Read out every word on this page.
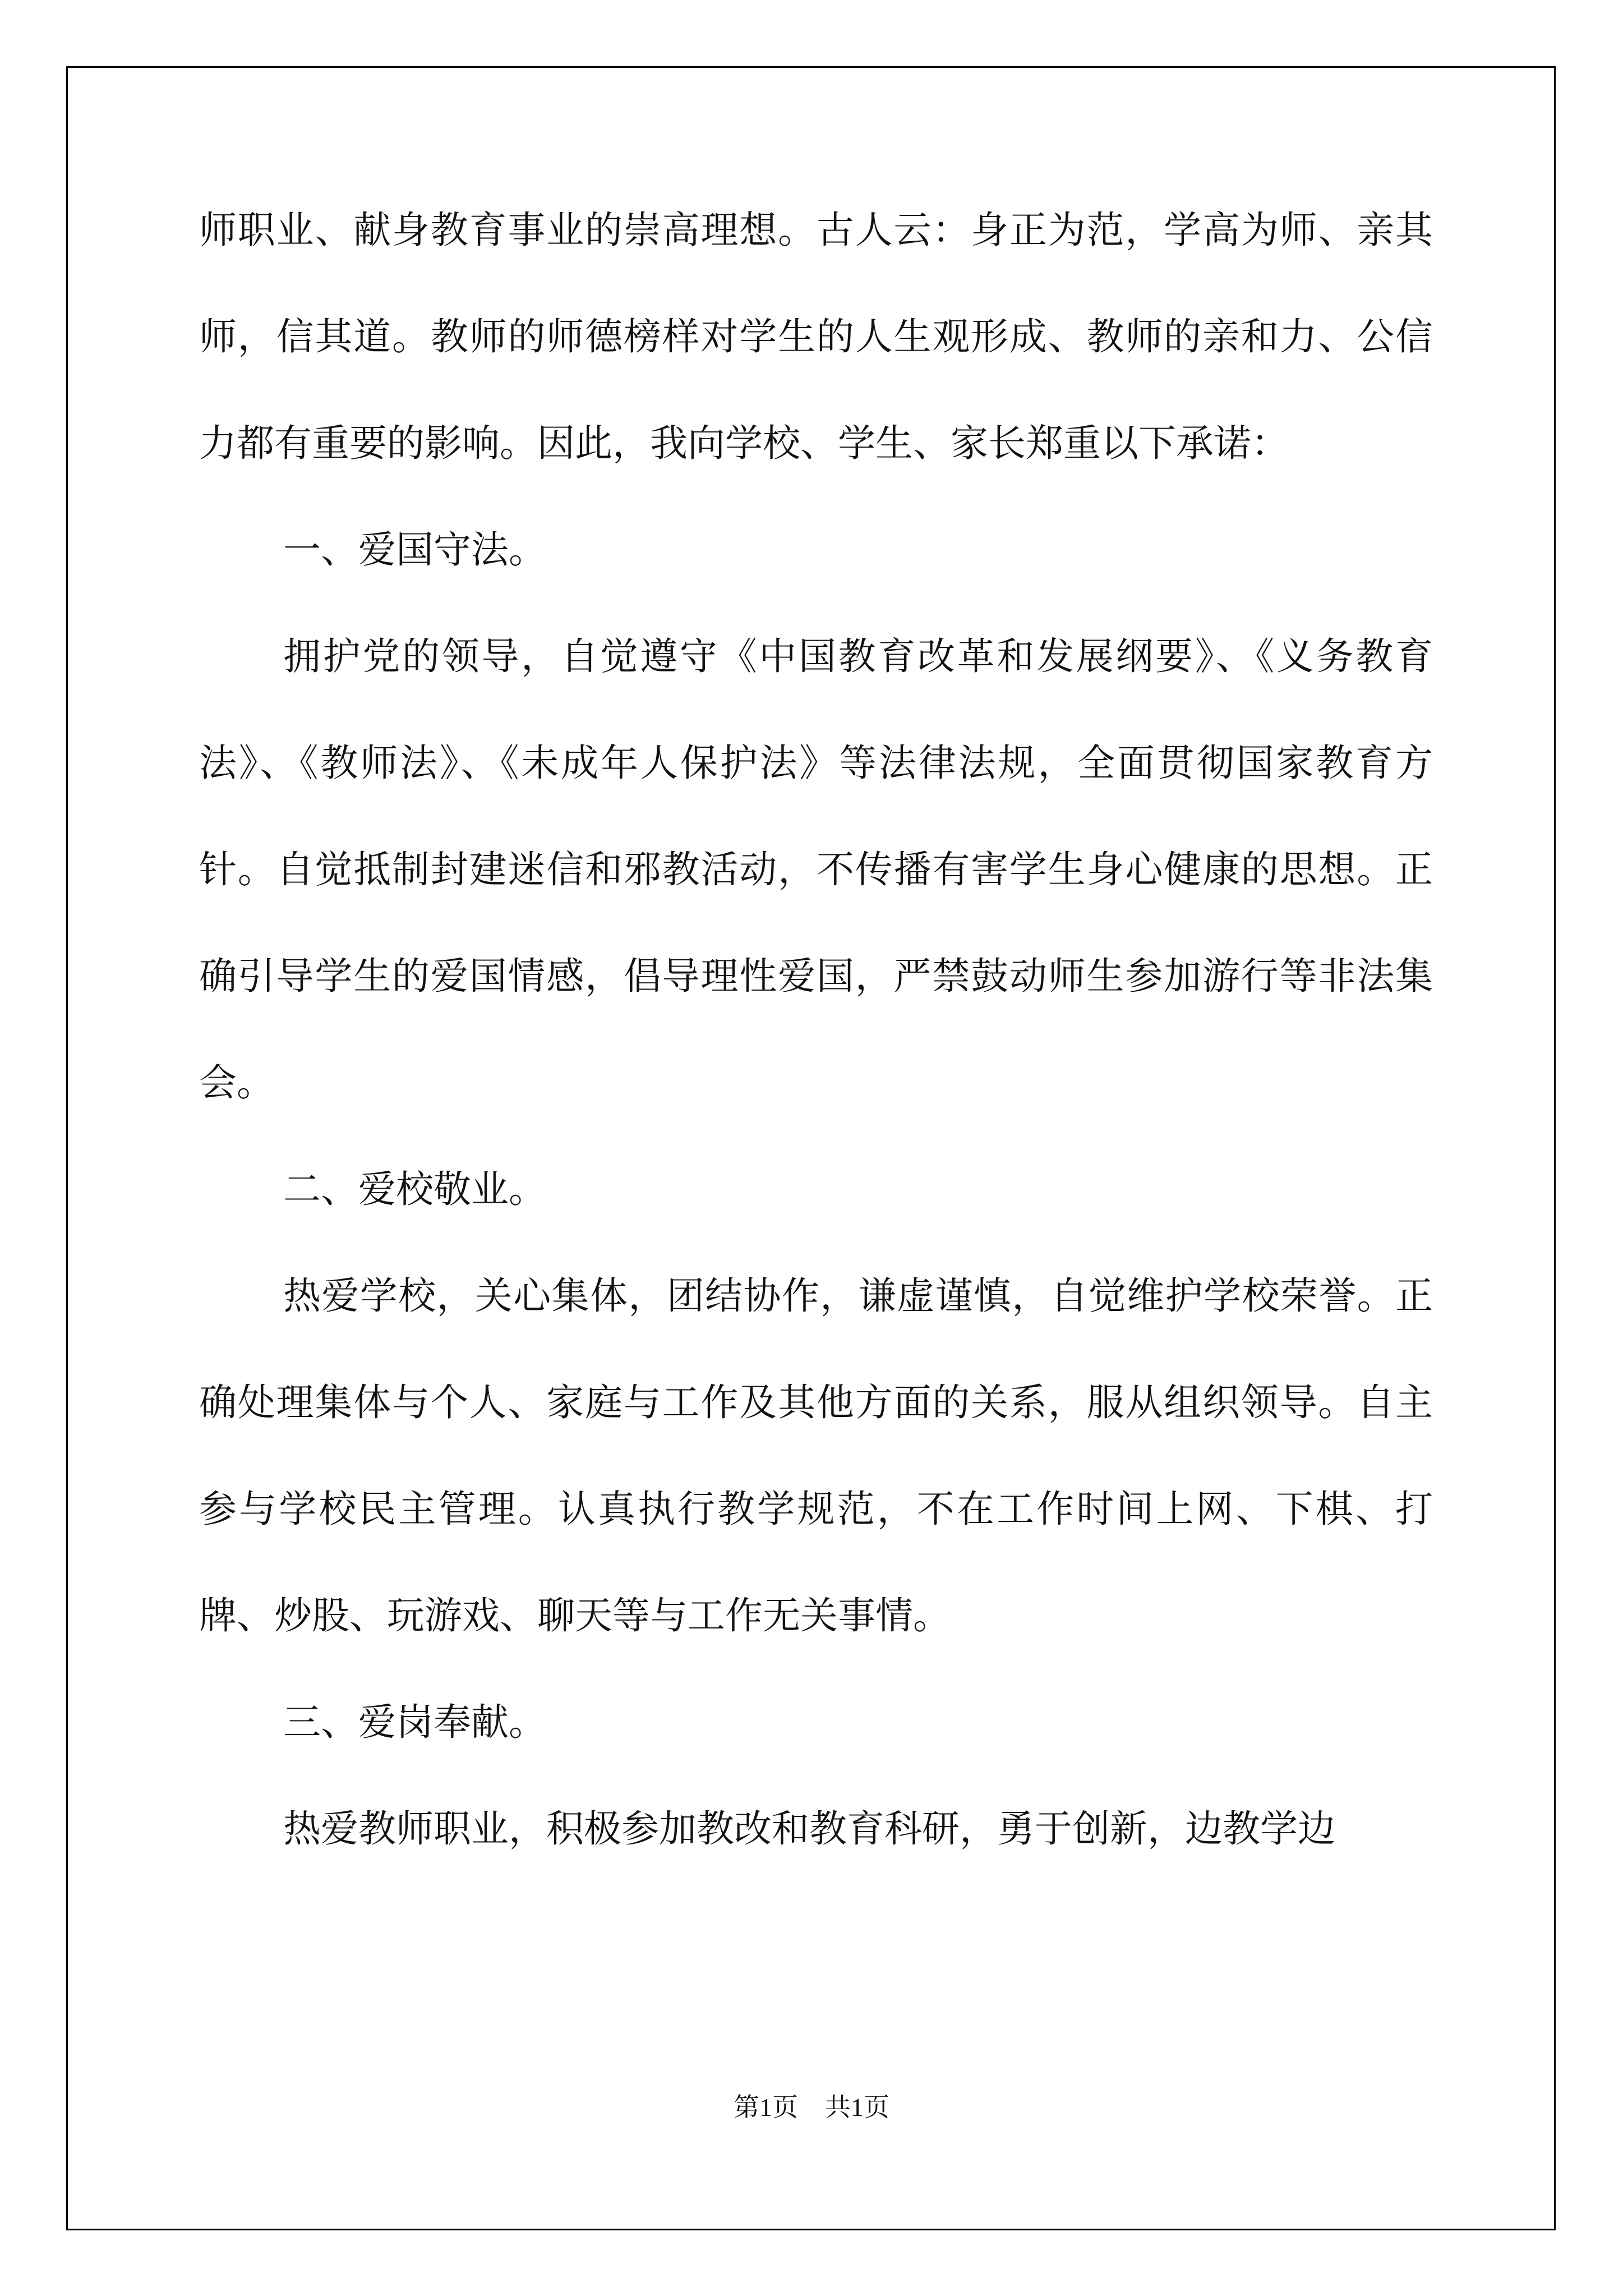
师职业、献身教育事业的崇高理想。古人云：身正为范，学高为师、亲其师，信其道。教师的师德榜样对学生的人生观形成、教师的亲和力、公信力都有重要的影响。因此，我向学校、学生、家长郑重以下承诺：

一、爱国守法。

拥护党的领导，自觉遵守《中国教育改革和发展纲要》、《义务教育法》、《教师法》、《未成年人保护法》等法律法规，全面贯彻国家教育方针。自觉抵制封建迷信和邪教活动，不传播有害学生身心健康的思想。正确引导学生的爱国情感，倡导理性爱国，严禁鼓动师生参加游行等非法集会。

二、爱校敬业。

热爱学校，关心集体，团结协作，谦虚谨慎，自觉维护学校荣誉。正确处理集体与个人、家庭与工作及其他方面的关系，服从组织领导。自主参与学校民主管理。认真执行教学规范，不在工作时间上网、下棋、打牌、炒股、玩游戏、聊天等与工作无关事情。

三、爱岗奉献。

热爱教师职业，积极参加教改和教育科研，勇于创新，边教学边

第1页 共1页
